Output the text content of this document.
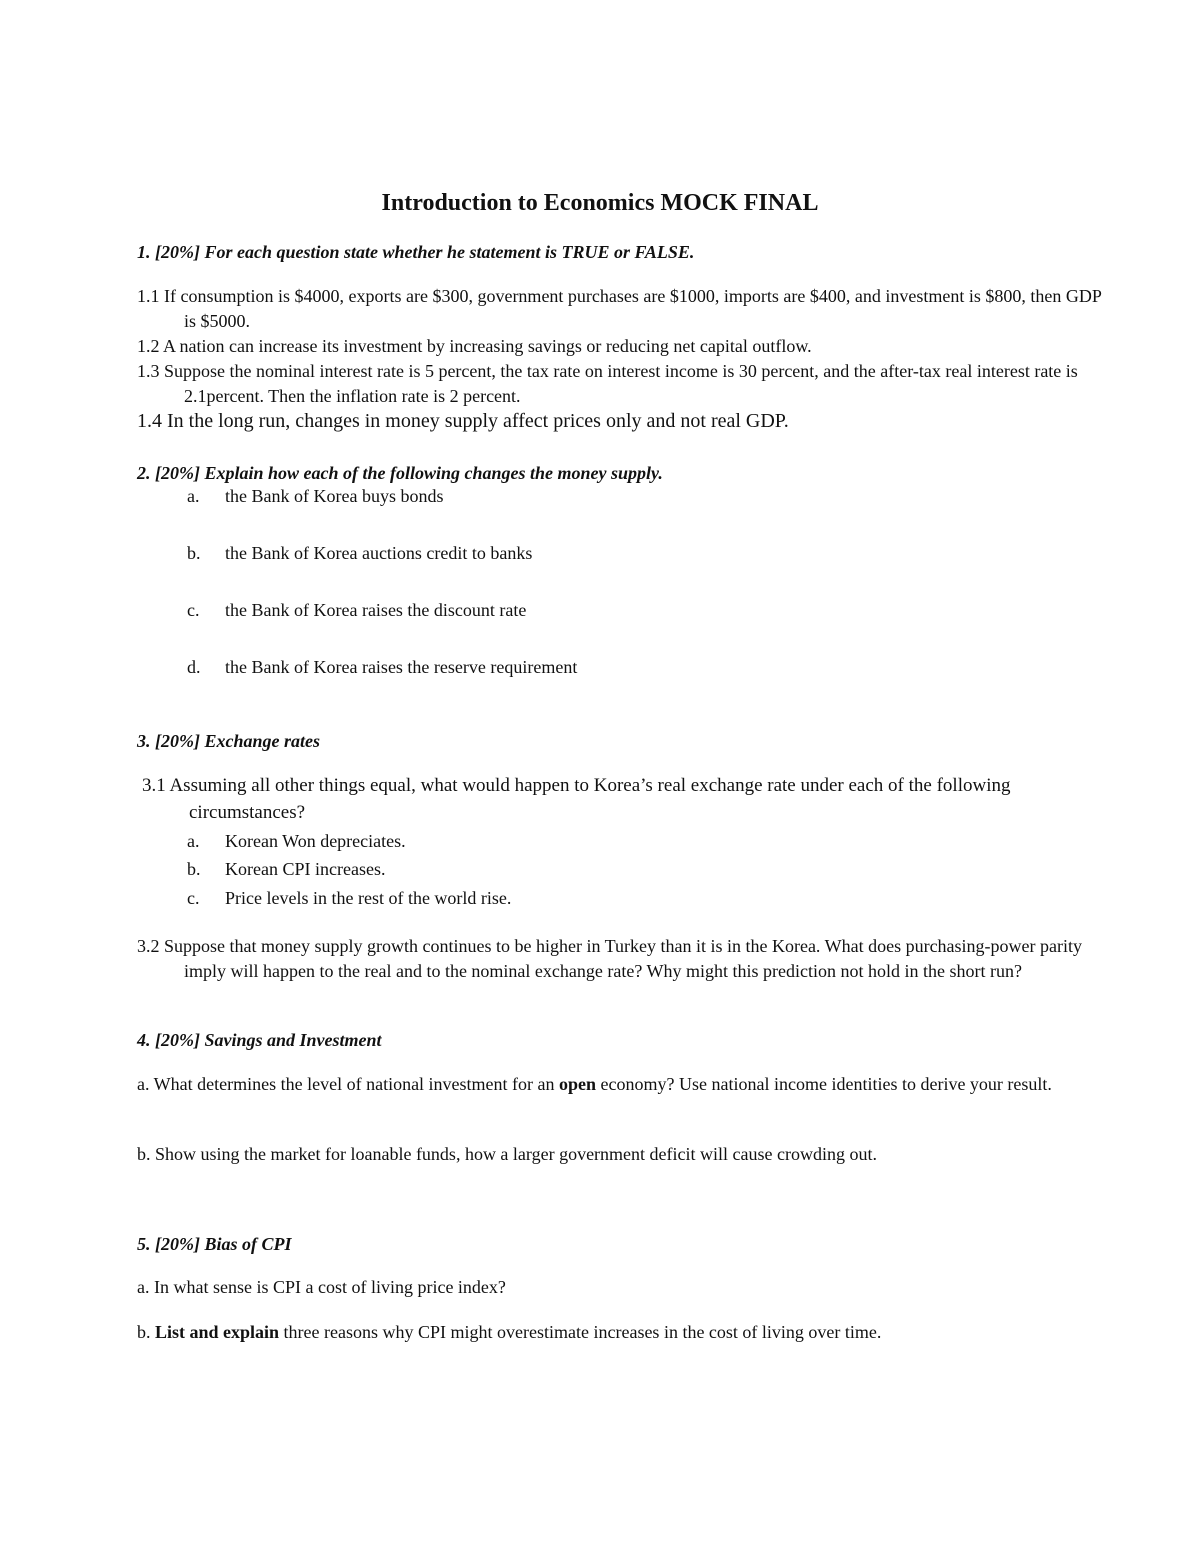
Introduction to Economics MOCK FINAL
1. [20%] For each question state whether he statement is TRUE or FALSE.
1.1 If consumption is $4000, exports are $300, government purchases are $1000, imports are $400, and investment is $800, then GDP is $5000.
1.2 A nation can increase its investment by increasing savings or reducing net capital outflow.
1.3 Suppose the nominal interest rate is 5 percent, the tax rate on interest income is 30 percent, and the after-tax real interest rate is 2.1percent. Then the inflation rate is 2 percent.
1.4 In the long run, changes in money supply affect prices only and not real GDP.
2. [20%] Explain how each of the following changes the money supply.
a. the Bank of Korea buys bonds
b. the Bank of Korea auctions credit to banks
c. the Bank of Korea raises the discount rate
d. the Bank of Korea raises the reserve requirement
3. [20%] Exchange rates
3.1 Assuming all other things equal, what would happen to Korea’s real exchange rate under each of the following circumstances?
a. Korean Won depreciates.
b. Korean CPI increases.
c. Price levels in the rest of the world rise.
3.2 Suppose that money supply growth continues to be higher in Turkey than it is in the Korea. What does purchasing-power parity imply will happen to the real and to the nominal exchange rate? Why might this prediction not hold in the short run?
4. [20%] Savings and Investment
a. What determines the level of national investment for an open economy? Use national income identities to derive your result.
b. Show using the market for loanable funds, how a larger government deficit will cause crowding out.
5. [20%] Bias of CPI
a. In what sense is CPI a cost of living price index?
b. List and explain three reasons why CPI might overestimate increases in the cost of living over time.
